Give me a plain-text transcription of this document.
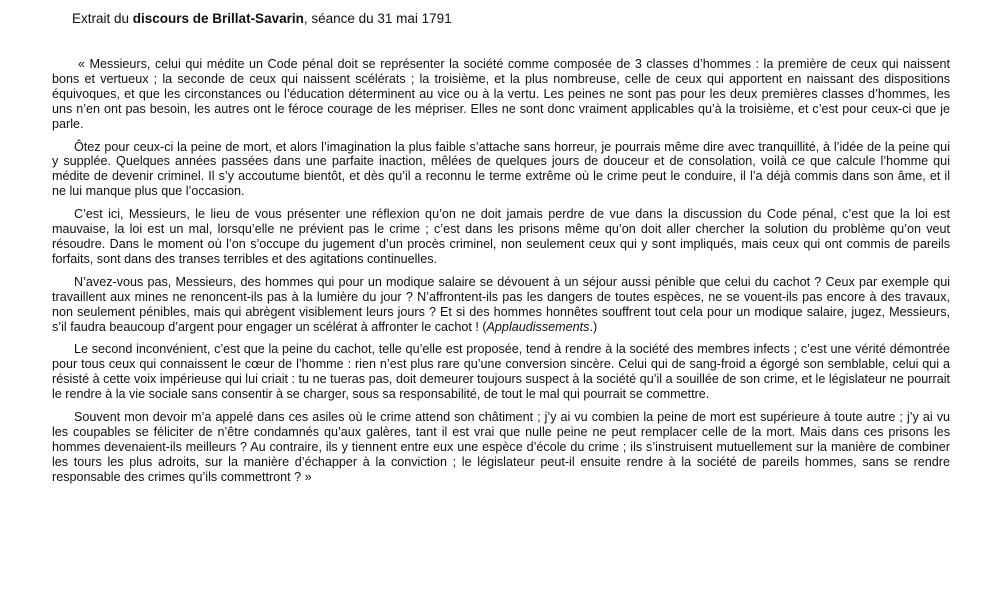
Extrait du discours de Brillat-Savarin, séance du 31 mai 1791

« Messieurs, celui qui médite un Code pénal doit se représenter la société comme composée de 3 classes d’hommes : la première de ceux qui naissent bons et vertueux ; la seconde de ceux qui naissent scélérats ; la troisième, et la plus nombreuse, celle de ceux qui apportent en naissant des dispositions équivoques, et que les circonstances ou l’éducation déterminent au vice ou à la vertu. Les peines ne sont pas pour les deux premières classes d’hommes, les uns n’en ont pas besoin, les autres ont le féroce courage de les mépriser. Elles ne sont donc vraiment applicables qu’à la troisième, et c’est pour ceux-ci que je parle.

Ôtez pour ceux-ci la peine de mort, et alors l’imagination la plus faible s’attache sans horreur, je pourrais même dire avec tranquillité, à l’idée de la peine qui y supplée. Quelques années passées dans une parfaite inaction, mêlées de quelques jours de douceur et de consolation, voilà ce que calcule l’homme qui médite de devenir criminel. Il s’y accoutume bientôt, et dès qu’il a reconnu le terme extrême où le crime peut le conduire, il l’a déjà commis dans son âme, et il ne lui manque plus que l’occasion.

C’est ici, Messieurs, le lieu de vous présenter une réflexion qu’on ne doit jamais perdre de vue dans la discussion du Code pénal, c’est que la loi est mauvaise, la loi est un mal, lorsqu’elle ne prévient pas le crime ; c’est dans les prisons même qu’on doit aller chercher la solution du problème qu’on veut résoudre. Dans le moment où l’on s’occupe du jugement d’un procès criminel, non seulement ceux qui y sont impliqués, mais ceux qui ont commis de pareils forfaits, sont dans des transes terribles et des agitations continuelles.

N’avez-vous pas, Messieurs, des hommes qui pour un modique salaire se dévouent à un séjour aussi pénible que celui du cachot ? Ceux par exemple qui travaillent aux mines ne renoncent-ils pas à la lumière du jour ? N’affrontent-ils pas les dangers de toutes espèces, ne se vouent-ils pas encore à des travaux, non seulement pénibles, mais qui abrègent visiblement leurs jours ? Et si des hommes honnêtes souffrent tout cela pour un modique salaire, jugez, Messieurs, s’il faudra beaucoup d’argent pour engager un scélérat à affronter le cachot ! (Applaudissements.)

Le second inconvénient, c’est que la peine du cachot, telle qu’elle est proposée, tend à rendre à la société des membres infects ; c’est une vérité démontrée pour tous ceux qui connaissent le cœur de l’homme : rien n’est plus rare qu’une conversion sincère. Celui qui de sang-froid a égorgé son semblable, celui qui a résisté à cette voix impérieuse qui lui criait : tu ne tueras pas, doit demeurer toujours suspect à la société qu’il a souillée de son crime, et le législateur ne pourrait le rendre à la vie sociale sans consentir à se charger, sous sa responsabilité, de tout le mal qui pourrait se commettre.

Souvent mon devoir m’a appelé dans ces asiles où le crime attend son châtiment ; j’y ai vu combien la peine de mort est supérieure à toute autre ; j’y ai vu les coupables se féliciter de n’être condamnés qu’aux galères, tant il est vrai que nulle peine ne peut remplacer celle de la mort. Mais dans ces prisons les hommes devenaient-ils meilleurs ? Au contraire, ils y tiennent entre eux une espèce d’école du crime ; ils s’instruisent mutuellement sur la manière de combiner les tours les plus adroits, sur la manière d’échapper à la conviction ; le législateur peut-il ensuite rendre à la société de pareils hommes, sans se rendre responsable des crimes qu’ils commettront ? »
